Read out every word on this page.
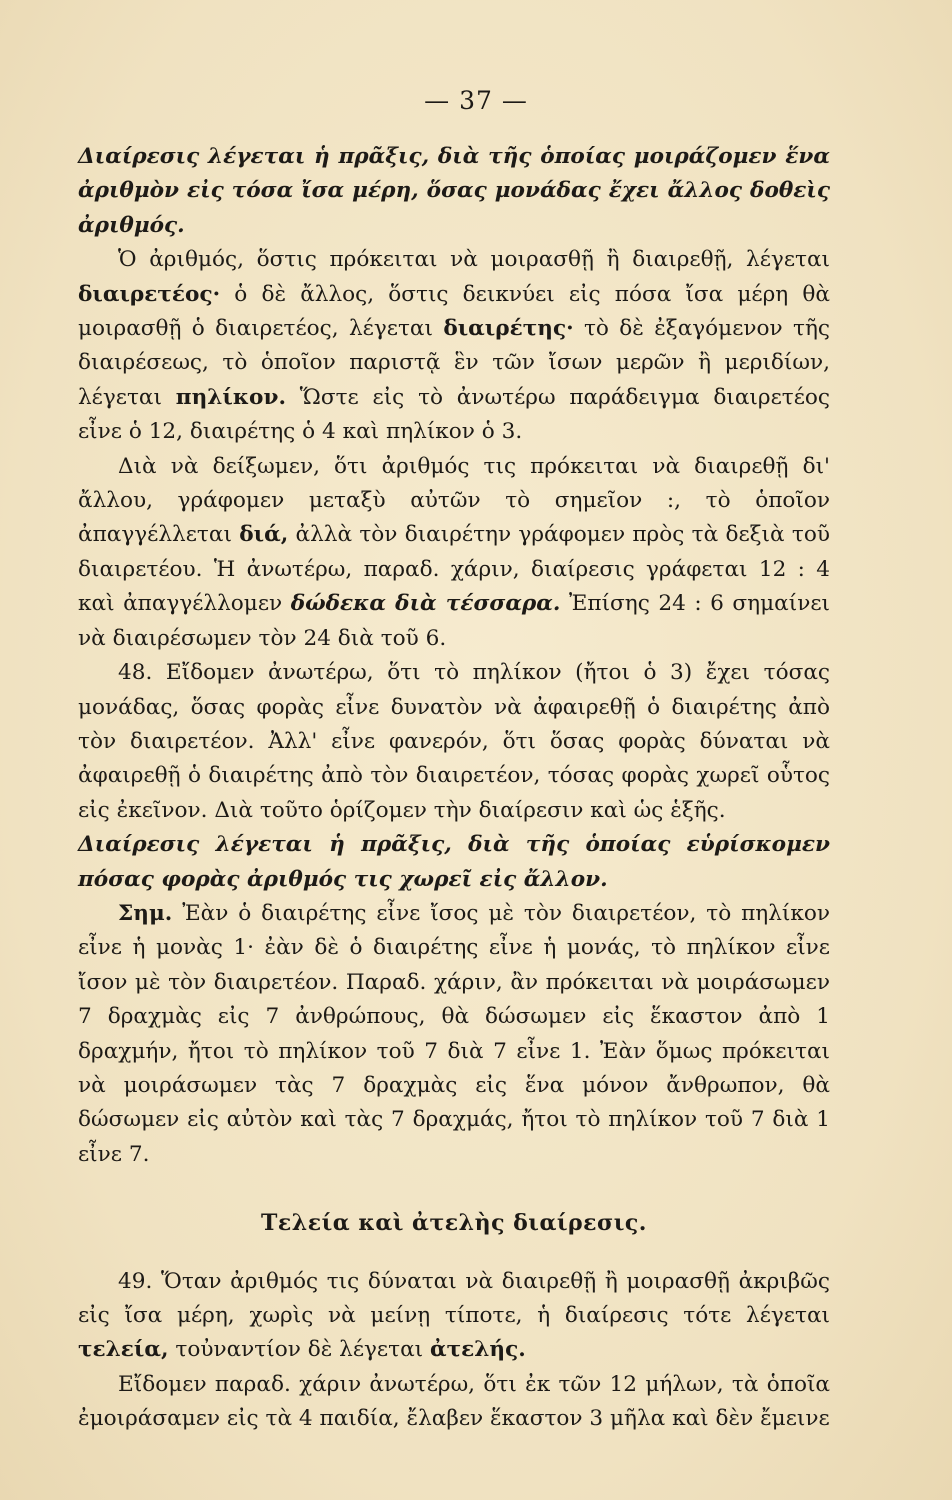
— 37 —

Διαίρεσις λέγεται ἡ πρᾶξις, διὰ τῆς ὁποίας μοιράζομεν ἕνα ἀριθμὸν εἰς τόσα ἴσα μέρη, ὅσας μονάδας ἔχει ἄλλος δοθεὶς ἀριθμός.

Ὁ ἀριθμός, ὅστις πρόκειται νὰ μοιρασθῇ ἢ διαιρεθῇ, λέγεται διαιρετέος· ὁ δὲ ἄλλος, ὅστις δεικνύει εἰς πόσα ἴσα μέρη θὰ μοιρασθῇ ὁ διαιρετέος, λέγεται διαιρέτης· τὸ δὲ ἐξαγόμενον τῆς διαιρέσεως, τὸ ὁποῖον παριστᾷ ἓν τῶν ἴσων μερῶν ἢ μεριδίων, λέγεται πηλίκον. Ὥστε εἰς τὸ ἀνωτέρω παράδειγμα διαιρετέος εἶνε ὁ 12, διαιρέτης ὁ 4 καὶ πηλίκον ὁ 3.

Διὰ νὰ δείξωμεν, ὅτι ἀριθμός τις πρόκειται νὰ διαιρεθῇ δι' ἄλλου, γράφομεν μεταξὺ αὐτῶν τὸ σημεῖον :, τὸ ὁποῖον ἀπαγγέλλεται διά, ἀλλὰ τὸν διαιρέτην γράφομεν πρὸς τὰ δεξιὰ τοῦ διαιρετέου. Ἡ ἀνωτέρω, παραδ. χάριν, διαίρεσις γράφεται 12 : 4 καὶ ἀπαγγέλλομεν δώδεκα διὰ τέσσαρα. Ἐπίσης 24 : 6 σημαίνει νὰ διαιρέσωμεν τὸν 24 διὰ τοῦ 6.

48. Εἴδομεν ἀνωτέρω, ὅτι τὸ πηλίκον (ἤτοι ὁ 3) ἔχει τόσας μονάδας, ὅσας φορὰς εἶνε δυνατὸν νὰ ἀφαιρεθῇ ὁ διαιρέτης ἀπὸ τὸν διαιρετέον. Ἀλλ' εἶνε φανερόν, ὅτι ὅσας φορὰς δύναται νὰ ἀφαιρεθῇ ὁ διαιρέτης ἀπὸ τὸν διαιρετέον, τόσας φορὰς χωρεῖ οὗτος εἰς ἐκεῖνον. Διὰ τοῦτο ὁρίζομεν τὴν διαίρεσιν καὶ ὡς ἑξῆς.

Διαίρεσις λέγεται ἡ πρᾶξις, διὰ τῆς ὁποίας εὑρίσκομεν πόσας φορὰς ἀριθμός τις χωρεῖ εἰς ἄλλον.

Σημ. Ἐὰν ὁ διαιρέτης εἶνε ἴσος μὲ τὸν διαιρετέον, τὸ πηλίκον εἶνε ἡ μονὰς 1· ἐὰν δὲ ὁ διαιρέτης εἶνε ἡ μονάς, τὸ πηλίκον εἶνε ἴσον μὲ τὸν διαιρετέον. Παραδ. χάριν, ἂν πρόκειται νὰ μοιράσωμεν 7 δραχμὰς εἰς 7 ἀνθρώπους, θὰ δώσωμεν εἰς ἕκαστον ἀπὸ 1 δραχμήν, ἤτοι τὸ πηλίκον τοῦ 7 διὰ 7 εἶνε 1. Ἐὰν ὅμως πρόκειται νὰ μοιράσωμεν τὰς 7 δραχμὰς εἰς ἕνα μόνον ἄνθρωπον, θὰ δώσωμεν εἰς αὐτὸν καὶ τὰς 7 δραχμάς, ἤτοι τὸ πηλίκον τοῦ 7 διὰ 1 εἶνε 7.

Τελεία καὶ ἀτελὴς διαίρεσις.

49. Ὅταν ἀριθμός τις δύναται νὰ διαιρεθῇ ἢ μοιρασθῇ ἀκριβῶς εἰς ἴσα μέρη, χωρὶς νὰ μείνῃ τίποτε, ἡ διαίρεσις τότε λέγεται τελεία, τοὐναντίον δὲ λέγεται ἀτελής.

Εἴδομεν παραδ. χάριν ἀνωτέρω, ὅτι ἐκ τῶν 12 μήλων, τὰ ὁποῖα ἐμοιράσαμεν εἰς τὰ 4 παιδία, ἔλαβεν ἕκαστον 3 μῆλα καὶ δὲν ἔμεινε
